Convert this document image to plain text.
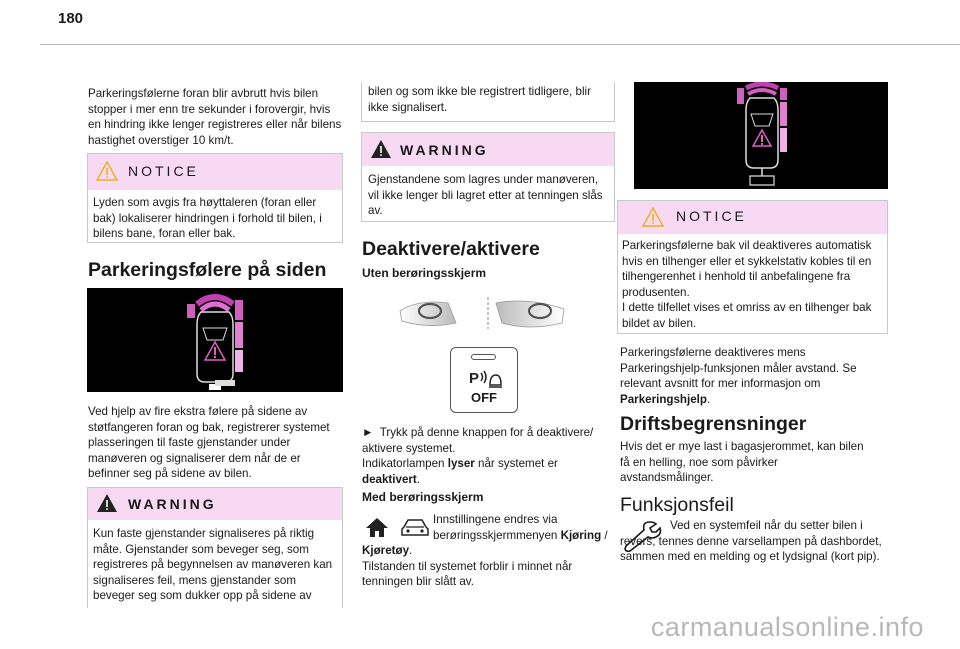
180

Parkeringsfølerne foran blir avbrutt hvis bilen stopper i mer enn tre sekunder i forovergir, hvis en hindring ikke lenger registreres eller når bilens hastighet overstiger 10 km/t.

NOTICE
Lyden som avgis fra høyttaleren (foran eller bak) lokaliserer hindringen i forhold til bilen, i bilens bane, foran eller bak.
Parkeringsfølere på siden

Ved hjelp av fire ekstra følere på sidene av støtfangeren foran og bak, registrerer systemet plasseringen til faste gjenstander under manøveren og signaliserer dem når de er befinner seg på sidene av bilen.

WARNING
Kun faste gjenstander signaliseres på riktig måte. Gjenstander som beveger seg, som registreres på begynnelsen av manøveren kan signaliseres feil, mens gjenstander som beveger seg som dukker opp på sidene av
bilen og som ikke ble registrert tidligere, blir ikke signalisert.
WARNING
Gjenstandene som lagres under manøveren, vil ikke lenger bli lagret etter at tenningen slås av.
Deaktivere/aktivere
Uten berøringsskjerm
P
OFF
► Trykk på denne knappen for å deaktivere/ aktivere systemet.
Indikatorlampen lyser når systemet er
deaktivert.
Med berøringsskjerm
Innstillingene endres via berøringsskjermmenyen Kjøring /
Kjøretøy.
Tilstanden til systemet forblir i minnet når tenningen blir slått av.
NOTICE
Parkeringsfølerne bak vil deaktiveres automatisk hvis en tilhenger eller et sykkelstativ kobles til en tilhengerenhet i henhold til anbefalingene fra produsenten.
I dette tilfellet vises et omriss av en tilhenger bak bildet av bilen.

Parkeringsfølerne deaktiveres mens Parkeringshjelp-funksjonen måler avstand. Se relevant avsnitt for mer informasjon om Parkeringshjelp.

Driftsbegrensninger

Hvis det er mye last i bagasjerommet, kan bilen få en helling, noe som påvirker avstandsmålinger.

Funksjonsfeil

Ved en systemfeil når du setter bilen i revers, tennes denne varsellampen på dashbordet, sammen med en melding og et lydsignal (kort pip).

carmanualsonline.info
